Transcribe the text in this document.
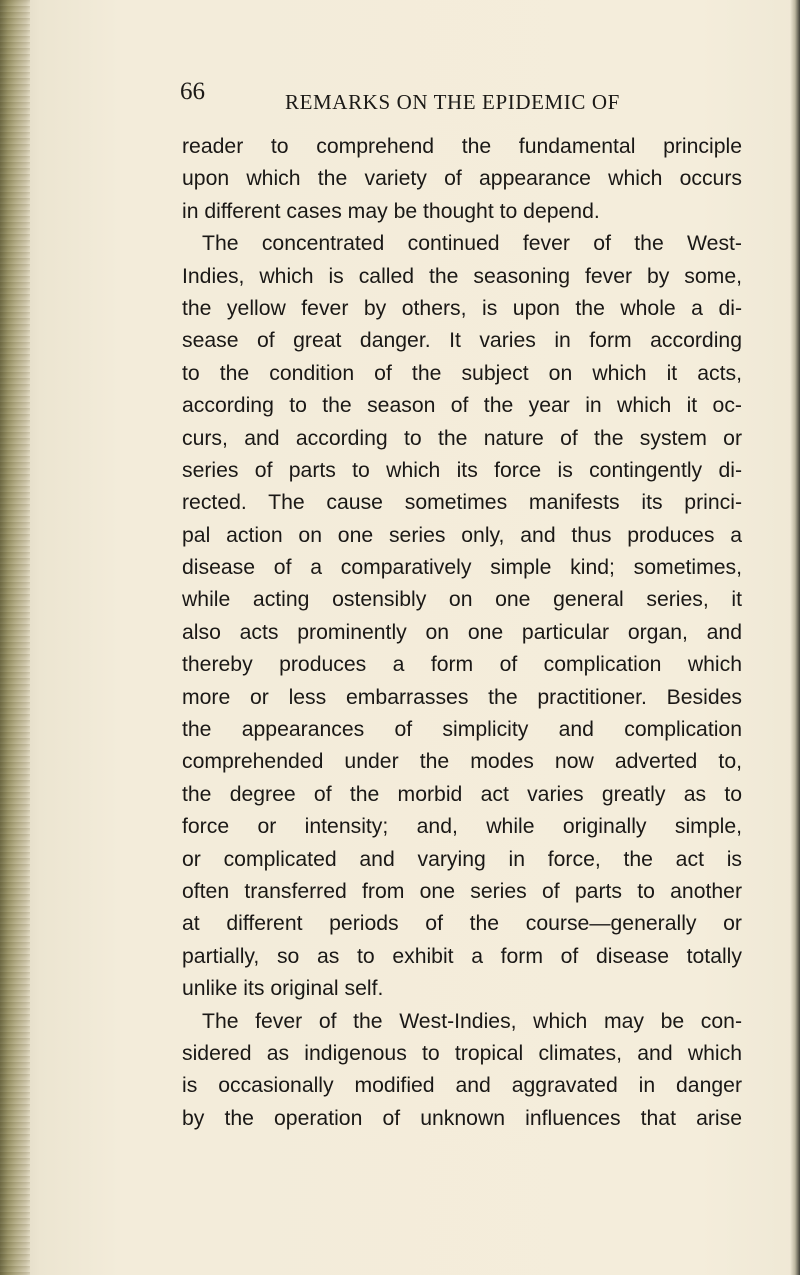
66	REMARKS ON THE EPIDEMIC OF
reader to comprehend the fundamental principle
upon which the variety of appearance which occurs
in different cases may be thought to depend.
The concentrated continued fever of the West-
Indies, which is called the seasoning fever by some,
the yellow fever by others, is upon the whole a di-
sease of great danger. It varies in form according
to the condition of the subject on which it acts,
according to the season of the year in which it oc-
curs, and according to the nature of the system or
series of parts to which its force is contingently di-
rected. The cause sometimes manifests its princi-
pal action on one series only, and thus produces a
disease of a comparatively simple kind; sometimes,
while acting ostensibly on one general series, it
also acts prominently on one particular organ, and
thereby produces a form of complication which
more or less embarrasses the practitioner. Besides
the appearances of simplicity and complication
comprehended under the modes now adverted to,
the degree of the morbid act varies greatly as to
force or intensity; and, while originally simple,
or complicated and varying in force, the act is
often transferred from one series of parts to another
at different periods of the course—generally or
partially, so as to exhibit a form of disease totally
unlike its original self.
The fever of the West-Indies, which may be con-
sidered as indigenous to tropical climates, and which
is occasionally modified and aggravated in danger
by the operation of unknown influences that arise
